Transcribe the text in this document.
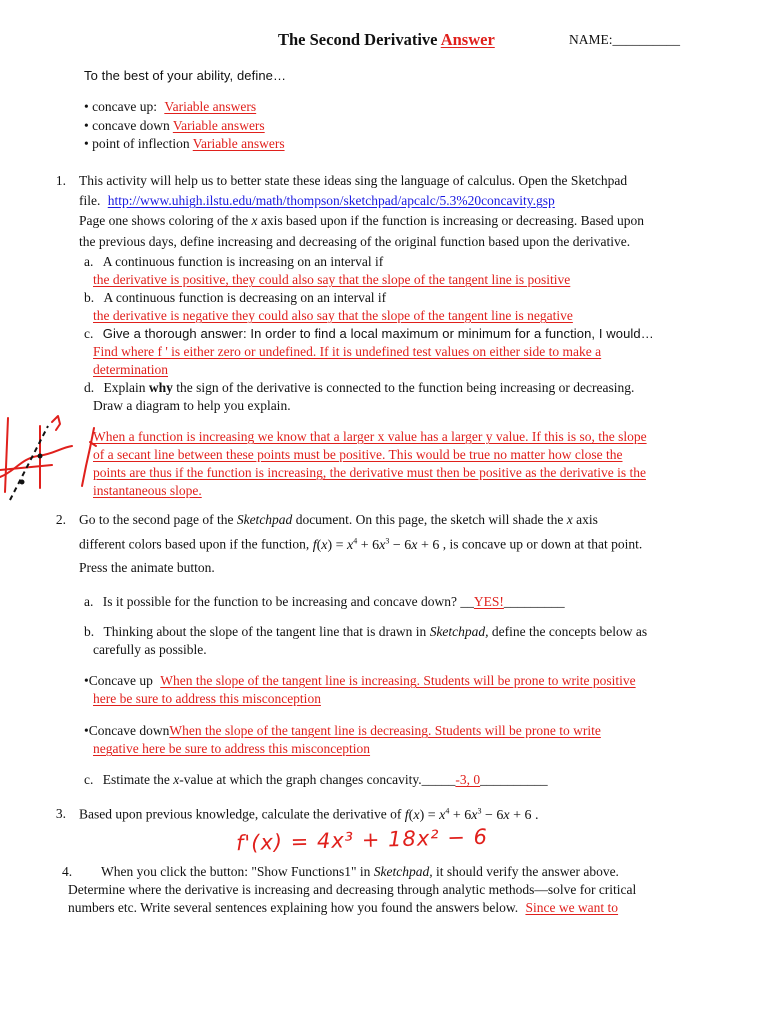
The Second Derivative Answer	NAME:__________
To the best of your ability, define…
• concave up: Variable answers
• concave down Variable answers
• point of inflection Variable answers
1. This activity will help us to better state these ideas sing the language of calculus. Open the Sketchpad
file. http://www.uhigh.ilstu.edu/math/thompson/sketchpad/apcalc/5.3%20concavity.gsp
Page one shows coloring of the x axis based upon if the function is increasing or decreasing. Based upon
the previous days, define increasing and decreasing of the original function based upon the derivative.
a. A continuous function is increasing on an interval if
the derivative is positive, they could also say that the slope of the tangent line is positive
b. A continuous function is decreasing on an interval if
the derivative is negative they could also say that the slope of the tangent line is negative
c. Give a thorough answer: In order to find a local maximum or minimum for a function, I would…
Find where f ' is either zero or undefined. If it is undefined test values on either side to make a
determination
d. Explain why the sign of the derivative is connected to the function being increasing or decreasing.
Draw a diagram to help you explain.
When a function is increasing we know that a larger x value has a larger y value. If this is so, the slope
of a secant line between these points must be positive. This would be true no matter how close the
points are thus if the function is increasing, the derivative must then be positive as the derivative is the
instantaneous slope.
2. Go to the second page of the Sketchpad document. On this page, the sketch will shade the x axis
different colors based upon if the function, $f(x) = x^4 + 6x^3 - 6x + 6$ , is concave up or down at that point.
Press the animate button.
a. Is it possible for the function to be increasing and concave down? __YES!_________
b. Thinking about the slope of the tangent line that is drawn in Sketchpad, define the concepts below as
carefully as possible.
•Concave up When the slope of the tangent line is increasing. Students will be prone to write positive
here be sure to address this misconception
•Concave downWhen the slope of the tangent line is decreasing. Students will be prone to write
negative here be sure to address this misconception
c. Estimate the x-value at which the graph changes concavity._____-3, 0__________
3. Based upon previous knowledge, calculate the derivative of $f(x) = x^4 + 6x^3 - 6x + 6$ .
f'(x) = 4x³ + 18x² − 6
4. When you click the button: "Show Functions1" in Sketchpad, it should verify the answer above.
Determine where the derivative is increasing and decreasing through analytic methods—solve for critical
numbers etc. Write several sentences explaining how you found the answers below. Since we want to
